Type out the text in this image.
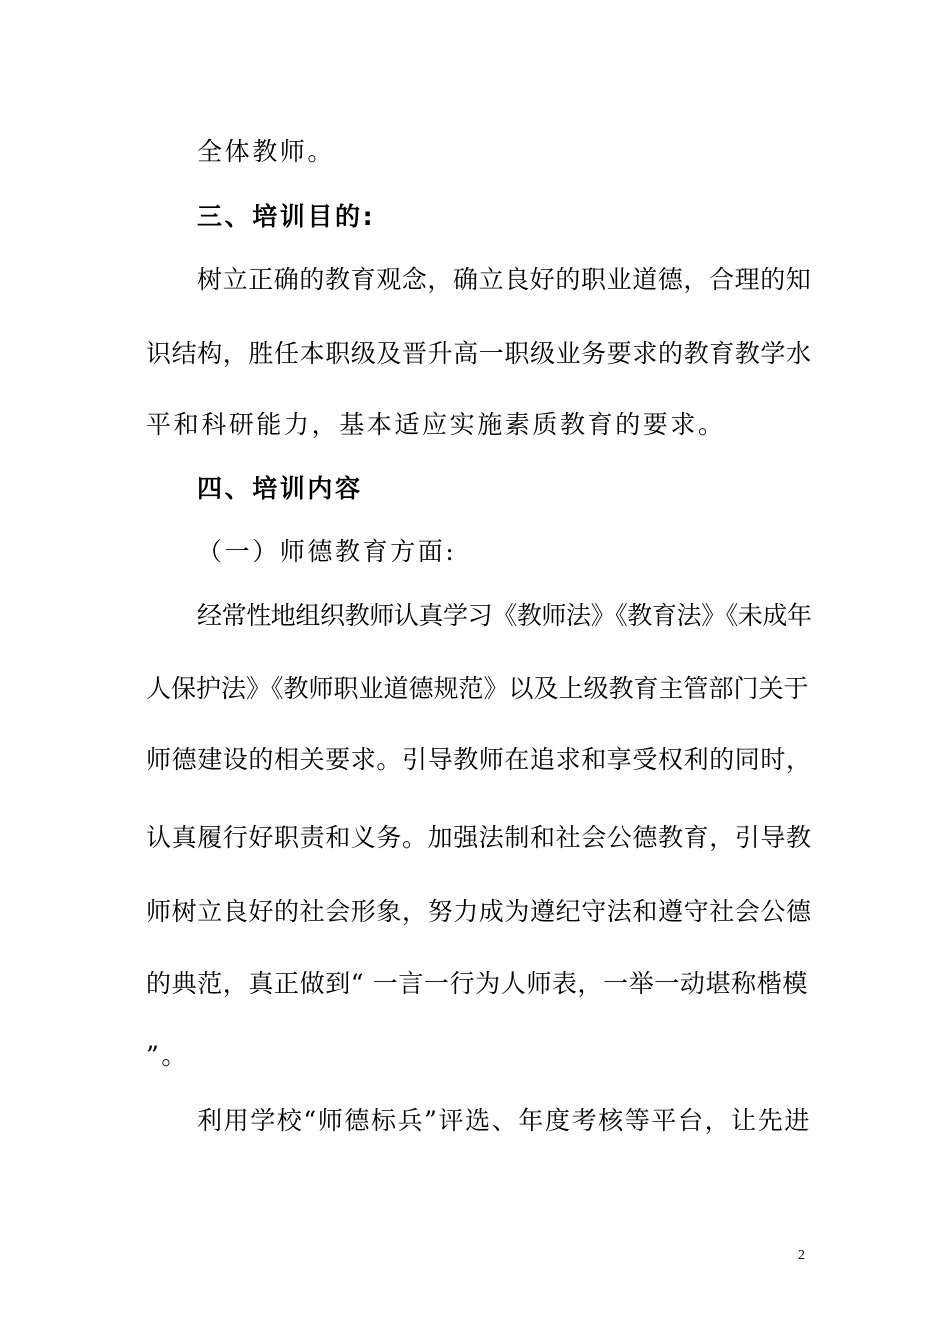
全体教师。
三、培训目的:
树立正确的教育观念，确立良好的职业道德，合理的知
识结构，胜任本职级及晋升高一职级业务要求的教育教学水
平和科研能力，基本适应实施素质教育的要求。
四、培训内容
（一）师德教育方面:
经常性地组织教师认真学习《教师法》《教育法》《未成年
人保护法》《教师职业道德规范》以及上级教育主管部门关于
师德建设的相关要求。引导教师在追求和享受权利的同时，
认真履行好职责和义务。加强法制和社会公德教育，引导教
师树立良好的社会形象，努力成为遵纪守法和遵守社会公德
的典范，真正做到“ 一言一行为人师表，一举一动堪称楷模
”。
利用学校“师德标兵”评选、年度考核等平台，让先进
2
